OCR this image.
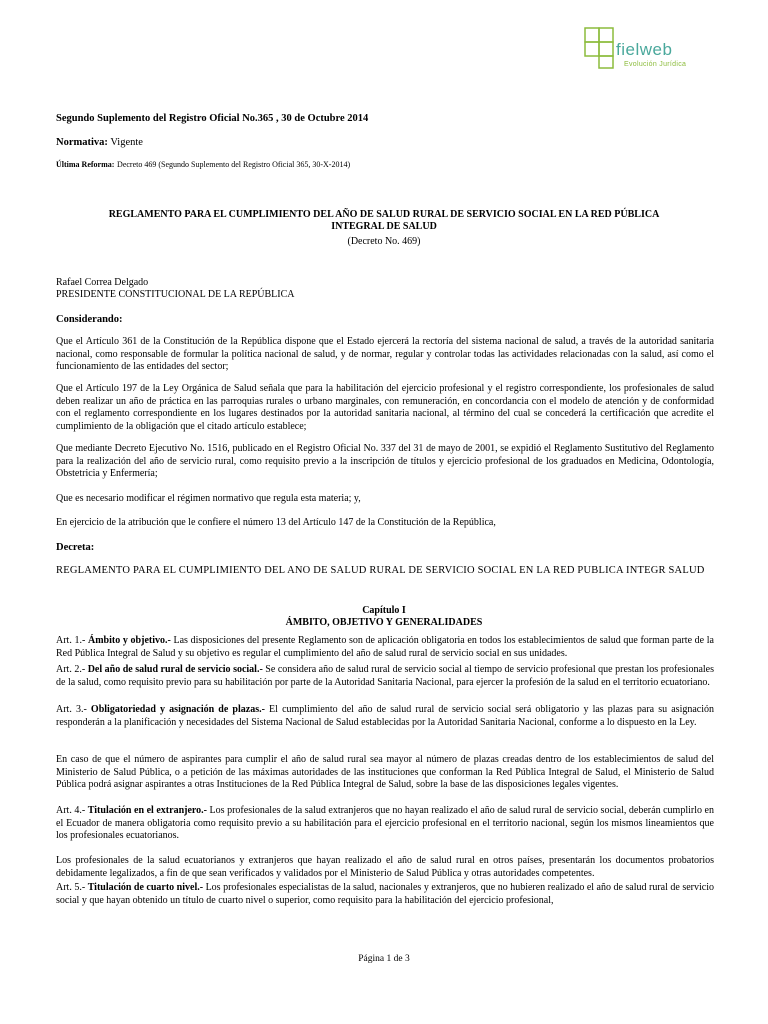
fielweb
Evolución Jurídica
Segundo Suplemento del Registro Oficial No.365 , 30 de Octubre 2014
Normativa: Vigente
Última Reforma: Decreto 469 (Segundo Suplemento del Registro Oficial 365, 30-X-2014)
REGLAMENTO PARA EL CUMPLIMIENTO DEL AÑO DE SALUD RURAL DE SERVICIO SOCIAL EN LA RED PÚBLICA
INTEGRAL DE SALUD
(Decreto No. 469)
Rafael Correa Delgado
PRESIDENTE CONSTITUCIONAL DE LA REPÚBLICA
Considerando:
Que el Artículo 361 de la Constitución de la República dispone que el Estado ejercerá la rectoría del sistema nacional de salud, a través de la autoridad sanitaria nacional, como responsable de formular la política nacional de salud, y de normar, regular y controlar todas las actividades relacionadas con la salud, así como el funcionamiento de las entidades del sector;
Que el Artículo 197 de la Ley Orgánica de Salud señala que para la habilitación del ejercicio profesional y el registro correspondiente, los profesionales de salud deben realizar un año de práctica en las parroquias rurales o urbano marginales, con remuneración, en concordancia con el modelo de atención y de conformidad con el reglamento correspondiente en los lugares destinados por la autoridad sanitaria nacional, al término del cual se concederá la certificación que acredite el cumplimiento de la obligación que el citado artículo establece;
Que mediante Decreto Ejecutivo No. 1516, publicado en el Registro Oficial No. 337 del 31 de mayo de 2001, se expidió el Reglamento Sustitutivo del Reglamento para la realización del año de servicio rural, como requisito previo a la inscripción de títulos y ejercicio profesional de los graduados en Medicina, Odontología, Obstetricia y Enfermería;
Que es necesario modificar el régimen normativo que regula esta materia; y,
En ejercicio de la atribución que le confiere el número 13 del Artículo 147 de la Constitución de la República,
Decreta:
REGLAMENTO PARA EL CUMPLIMIENTO DEL ANO DE SALUD RURAL DE SERVICIO SOCIAL EN LA RED PUBLICA INTEGR SALUD
Capítulo I
ÁMBITO, OBJETIVO Y GENERALIDADES
Art. 1.- Ámbito y objetivo.- Las disposiciones del presente Reglamento son de aplicación obligatoria en todos los establecimientos de salud que forman parte de la Red Pública Integral de Salud y su objetivo es regular el cumplimiento del año de salud rural de servicio social en sus unidades.
Art. 2.- Del año de salud rural de servicio social.- Se considera año de salud rural de servicio social al tiempo de servicio profesional que prestan los profesionales de la salud, como requisito previo para su habilitación por parte de la Autoridad Sanitaria Nacional, para ejercer la profesión de la salud en el territorio ecuatoriano.
Art. 3.- Obligatoriedad y asignación de plazas.- El cumplimiento del año de salud rural de servicio social será obligatorio y las plazas para su asignación responderán a la planificación y necesidades del Sistema Nacional de Salud establecidas por la Autoridad Sanitaria Nacional, conforme a lo dispuesto en la Ley.
En caso de que el número de aspirantes para cumplir el año de salud rural sea mayor al número de plazas creadas dentro de los establecimientos de salud del Ministerio de Salud Pública, o a petición de las máximas autoridades de las instituciones que conforman la Red Pública Integral de Salud, el Ministerio de Salud Pública podrá asignar aspirantes a otras Instituciones de la Red Pública Integral de Salud, sobre la base de las disposiciones legales vigentes.
Art. 4.- Titulación en el extranjero.- Los profesionales de la salud extranjeros que no hayan realizado el año de salud rural de servicio social, deberán cumplirlo en el Ecuador de manera obligatoria como requisito previo a su habilitación para el ejercicio profesional en el territorio nacional, según los mismos lineamientos que los profesionales ecuatorianos.
Los profesionales de la salud ecuatorianos y extranjeros que hayan realizado el año de salud rural en otros países, presentarán los documentos probatorios debidamente legalizados, a fin de que sean verificados y validados por el Ministerio de Salud Pública y otras autoridades competentes.
Art. 5.- Titulación de cuarto nivel.- Los profesionales especialistas de la salud, nacionales y extranjeros, que no hubieren realizado el año de salud rural de servicio social y que hayan obtenido un título de cuarto nivel o superior, como requisito para la habilitación del ejercicio profesional,
Página 1 de 3
